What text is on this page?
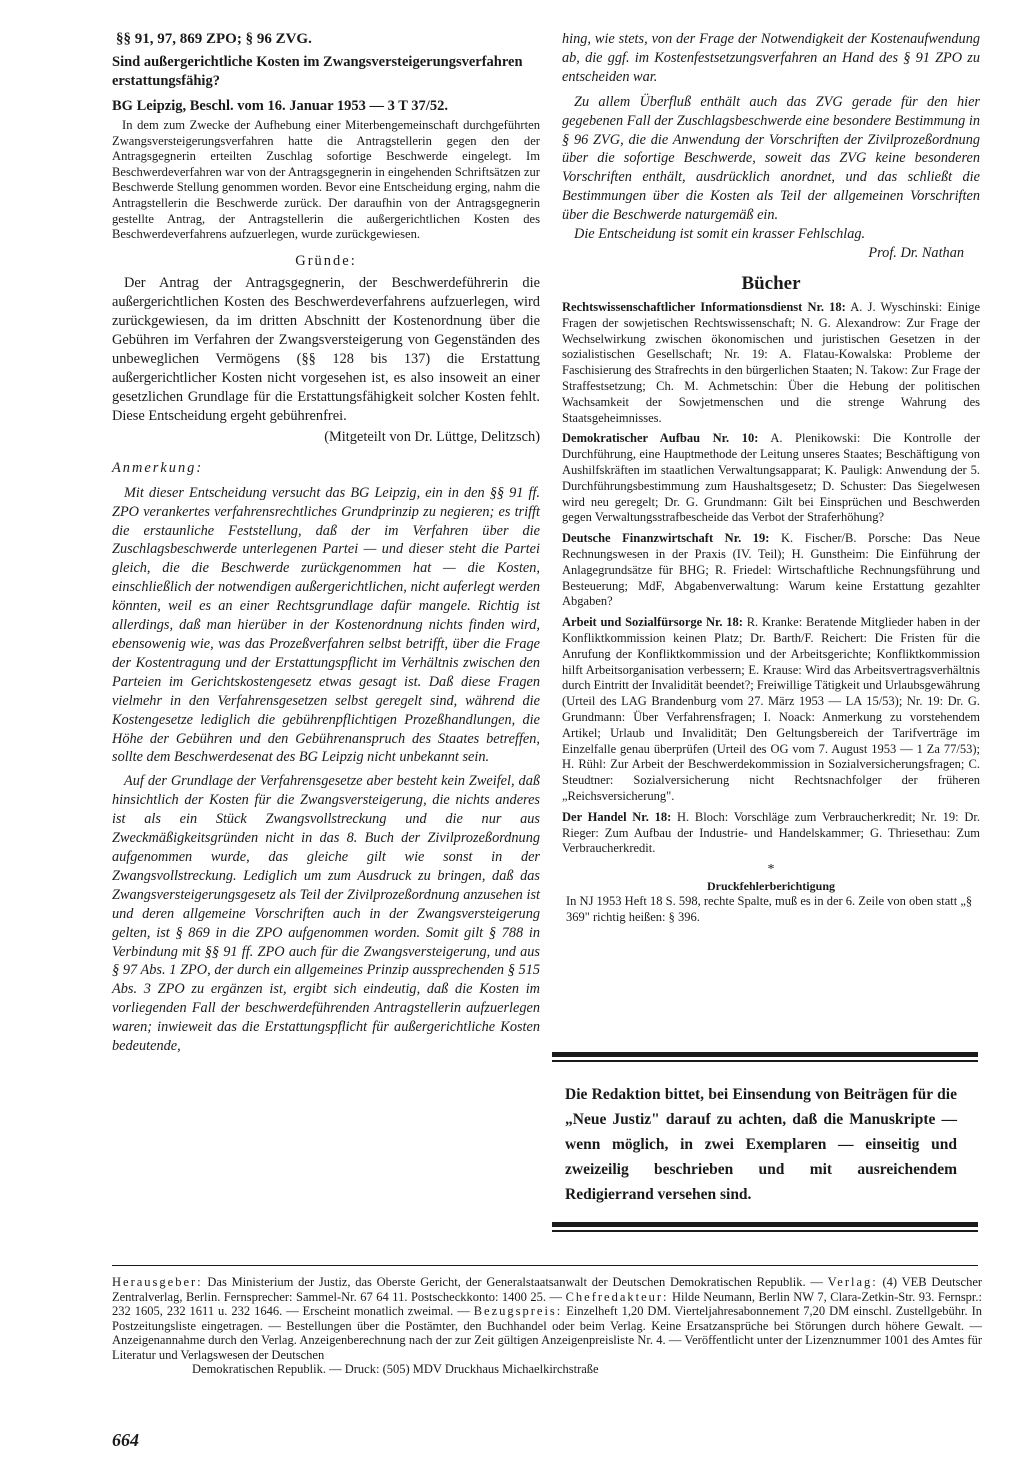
§§ 91, 97, 869 ZPO; § 96 ZVG.

Sind außergerichtliche Kosten im Zwangsversteigerungsverfahren erstattungsfähig?

BG Leipzig, Beschl. vom 16. Januar 1953 — 3 T 37/52.

In dem zum Zwecke der Aufhebung einer Miterbengemeinschaft durchgeführten Zwangsversteigerungsverfahren hatte die Antragstellerin gegen den der Antragsgegnerin erteilten Zuschlag sofortige Beschwerde eingelegt. Im Beschwerdeverfahren war von der Antragsgegnerin in eingehenden Schriftsätzen zur Beschwerde Stellung genommen worden. Bevor eine Entscheidung erging, nahm die Antragstellerin die Beschwerde zurück. Der daraufhin von der Antragsgegnerin gestellte Antrag, der Antragstellerin die außergerichtlichen Kosten des Beschwerdeverfahrens aufzuerlegen, wurde zurückgewiesen.

Gründe:

Der Antrag der Antragsgegnerin, der Beschwerdeführerin die außergerichtlichen Kosten des Beschwerdeverfahrens aufzuerlegen, wird zurückgewiesen, da im dritten Abschnitt der Kostenordnung über die Gebühren im Verfahren der Zwangsversteigerung von Gegenständen des unbeweglichen Vermögens (§§ 128 bis 137) die Erstattung außergerichtlicher Kosten nicht vorgesehen ist, es also insoweit an einer gesetzlichen Grundlage für die Erstattungsfähigkeit solcher Kosten fehlt. Diese Entscheidung ergeht gebührenfrei.

(Mitgeteilt von Dr. Lüttge, Delitzsch)

Anmerkung:

Mit dieser Entscheidung versucht das BG Leipzig, ein in den §§ 91 ff. ZPO verankertes verfahrensrechtliches Grundprinzip zu negieren; es trifft die erstaunliche Feststellung, daß der im Verfahren über die Zuschlagsbeschwerde unterlegenen Partei — und dieser steht die Partei gleich, die die Beschwerde zurückgenommen hat — die Kosten, einschließlich der notwendigen außergerichtlichen, nicht auferlegt werden könnten, weil es an einer Rechtsgrundlage dafür mangele. Richtig ist allerdings, daß man hierüber in der Kostenordnung nichts finden wird, ebensowenig wie, was das Prozeßverfahren selbst betrifft, über die Frage der Kostentragung und der Erstattungspflicht im Verhältnis zwischen den Parteien im Gerichtskostengesetz etwas gesagt ist. Daß diese Fragen vielmehr in den Verfahrensgesetzen selbst geregelt sind, während die Kostengesetze lediglich die gebührenpflichtigen Prozeßhandlungen, die Höhe der Gebühren und den Gebührenanspruch des Staates betreffen, sollte dem Beschwerdesenat des BG Leipzig nicht unbekannt sein.

Auf der Grundlage der Verfahrensgesetze aber besteht kein Zweifel, daß hinsichtlich der Kosten für die Zwangsversteigerung, die nichts anderes ist als ein Stück Zwangsvollstreckung und die nur aus Zweckmäßigkeitsgründen nicht in das 8. Buch der Zivilprozeßordnung aufgenommen wurde, das gleiche gilt wie sonst in der Zwangsvollstreckung. Lediglich um zum Ausdruck zu bringen, daß das Zwangsversteigerungsgesetz als Teil der Zivilprozeßordnung anzusehen ist und deren allgemeine Vorschriften auch in der Zwangsversteigerung gelten, ist § 869 in die ZPO aufgenommen worden. Somit gilt § 788 in Verbindung mit §§ 91 ff. ZPO auch für die Zwangsversteigerung, und aus § 97 Abs. 1 ZPO, der durch ein allgemeines Prinzip aussprechenden § 515 Abs. 3 ZPO zu ergänzen ist, ergibt sich eindeutig, daß die Kosten im vorliegenden Fall der beschwerdeführenden Antragstellerin aufzuerlegen waren; inwieweit das die Erstattungspflicht für außergerichtliche Kosten bedeutende,

hing, wie stets, von der Frage der Notwendigkeit der Kostenaufwendung ab, die ggf. im Kostenfestsetzungsverfahren an Hand des § 91 ZPO zu entscheiden war.

Zu allem Überfluß enthält auch das ZVG gerade für den hier gegebenen Fall der Zuschlagsbeschwerde eine besondere Bestimmung in § 96 ZVG, die die Anwendung der Vorschriften der Zivilprozeßordnung über die sofortige Beschwerde, soweit das ZVG keine besonderen Vorschriften enthält, ausdrücklich anordnet, und das schließt die Bestimmungen über die Kosten als Teil der allgemeinen Vorschriften über die Beschwerde naturgemäß ein.

Die Entscheidung ist somit ein krasser Fehlschlag.

Prof. Dr. Nathan

Bücher

Rechtswissenschaftlicher Informationsdienst Nr. 18: A. J. Wyschinski: Einige Fragen der sowjetischen Rechtswissenschaft; N. G. Alexandrow: Zur Frage der Wechselwirkung zwischen ökonomischen und juristischen Gesetzen in der sozialistischen Gesellschaft; Nr. 19: A. Flatau-Kowalska: Probleme der Faschisierung des Strafrechts in den bürgerlichen Staaten; N. Takow: Zur Frage der Straffestsetzung; Ch. M. Achmetschin: Über die Hebung der politischen Wachsamkeit der Sowjetmenschen und die strenge Wahrung des Staatsgeheimnisses.

Demokratischer Aufbau Nr. 10: A. Plenikowski: Die Kontrolle der Durchführung, eine Hauptmethode der Leitung unseres Staates; Beschäftigung von Aushilfskräften im staatlichen Verwaltungsapparat; K. Pauligk: Anwendung der 5. Durchführungsbestimmung zum Haushaltsgesetz; D. Schuster: Das Siegelwesen wird neu geregelt; Dr. G. Grundmann: Gilt bei Einsprüchen und Beschwerden gegen Verwaltungsstrafbescheide das Verbot der Straferhöhung?

Deutsche Finanzwirtschaft Nr. 19: K. Fischer/B. Porsche: Das Neue Rechnungswesen in der Praxis (IV. Teil); H. Gunstheim: Die Einführung der Anlagegrundsätze für BHG; R. Friedel: Wirtschaftliche Rechnungsführung und Besteuerung; MdF, Abgabenverwaltung: Warum keine Erstattung gezahlter Abgaben?

Arbeit und Sozialfürsorge Nr. 18: R. Kranke: Beratende Mitglieder haben in der Konfliktkommission keinen Platz; Dr. Barth/F. Reichert: Die Fristen für die Anrufung der Konfliktkommission und der Arbeitsgerichte; Konfliktkommission hilft Arbeitsorganisation verbessern; E. Krause: Wird das Arbeitsvertragsverhältnis durch Eintritt der Invalidität beendet?; Freiwillige Tätigkeit und Urlaubsgewährung (Urteil des LAG Brandenburg vom 27. März 1953 — LA 15/53); Nr. 19: Dr. G. Grundmann: Über Verfahrensfragen; I. Noack: Anmerkung zu vorstehendem Artikel; Urlaub und Invalidität; Den Geltungsbereich der Tarifverträge im Einzelfalle genau überprüfen (Urteil des OG vom 7. August 1953 — 1 Za 77/53); H. Rühl: Zur Arbeit der Beschwerdekommission in Sozialversicherungsfragen; C. Steudtner: Sozialversicherung nicht Rechtsnachfolger der früheren „Reichsversicherung".

Der Handel Nr. 18: H. Bloch: Vorschläge zum Verbraucherkredit; Nr. 19: Dr. Rieger: Zum Aufbau der Industrie- und Handelskammer; G. Thriesethau: Zum Verbraucherkredit.

*

Druckfehlerberichtigung

In NJ 1953 Heft 18 S. 598, rechte Spalte, muß es in der 6. Zeile von oben statt „§ 369" richtig heißen: § 396.

Die Redaktion bittet, bei Einsendung von Beiträgen für die „Neue Justiz" darauf zu achten, daß die Manuskripte — wenn möglich, in zwei Exemplaren — einseitig und zweizeilig beschrieben und mit ausreichendem Redigierrand versehen sind.

Herausgeber: Das Ministerium der Justiz, das Oberste Gericht, der Generalstaatsanwalt der Deutschen Demokratischen Republik. — Verlag: (4) VEB Deutscher Zentralverlag, Berlin. Fernsprecher: Sammel-Nr. 67 64 11. Postscheckkonto: 1400 25. — Chefredakteur: Hilde Neumann, Berlin NW 7, Clara-Zetkin-Str. 93. Fernspr.: 232 1605, 232 1611 u. 232 1646. — Erscheint monatlich zweimal. — Bezugspreis: Einzelheft 1,20 DM. Vierteljahresabonnement 7,20 DM einschl. Zustellgebühr. In Postzeitungsliste eingetragen. — Bestellungen über die Postämter, den Buchhandel oder beim Verlag. Keine Ersatzansprüche bei Störungen durch höhere Gewalt. — Anzeigenannahme durch den Verlag. Anzeigenberechnung nach der zur Zeit gültigen Anzeigenpreisliste Nr. 4. — Veröffentlicht unter der Lizenznummer 1001 des Amtes für Literatur und Verlagswesen der Deutschen

Demokratischen Republik. — Druck: (505) MDV Druckhaus Michaelkirchstraße

664
